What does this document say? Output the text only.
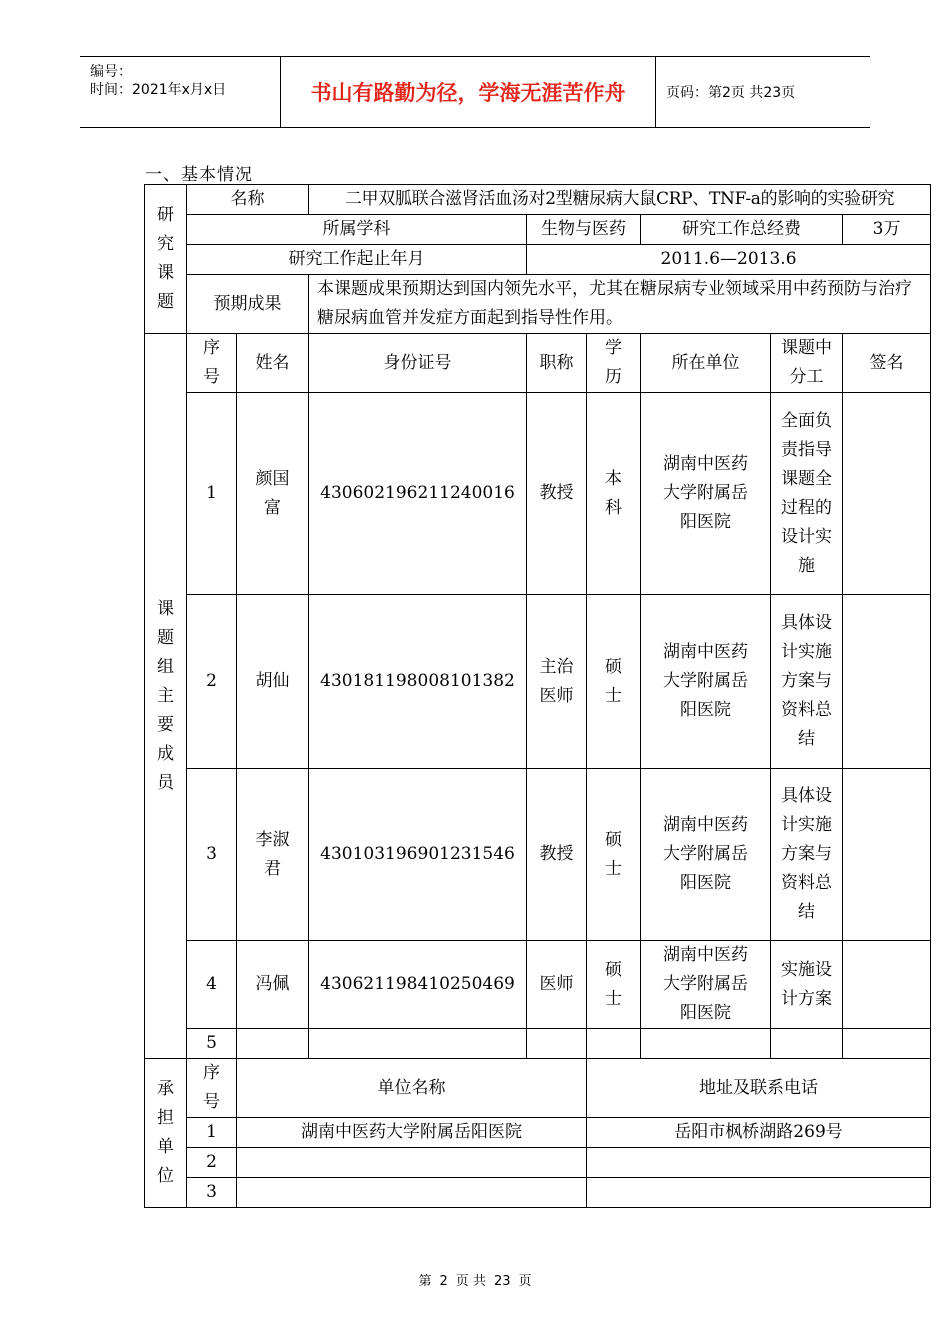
编号：
时间：2021年x月x日	书山有路勤为径，学海无涯苦作舟	页码：第2页 共23页
一、基本情况
研究课题	名称		二甲双胍联合滋肾活血汤对2型糖尿病大鼠CRP、TNF-a的影响的实验研究					
	所属学科			生物与医药		研究工作总经费		3万
	研究工作起止年月			2011.6—2013.6				
	预期成果		本课题成果预期达到国内领先水平，尤其在糖尿病专业领域采用中药预防与治疗糖尿病血管并发症方面起到指导性作用。					

课题组主要成员	序号	姓名	身份证号	职称	学历	所在单位	课题中分工	签名
	1	颜国富	430602196211240016	教授	本科	湖南中医药大学附属岳阳医院	全面负责指导课题全过程的设计实施	

	2	胡仙	430181198008101382	主治医师	硕士	湖南中医药大学附属岳阳医院	具体设计实施方案与资料总结	

	3	李淑君	430103196901231546	教授	硕士	湖南中医药大学附属岳阳医院	具体设计实施方案与资料总结	

	4	冯佩	430621198410250469	医师	硕士	湖南中医药大学附属岳阳医院	实施设计方案	

	5							

承担单位	序号	单位名称			地址及联系电话			
	1	湖南中医药大学附属岳阳医院			岳阳市枫桥湖路269号			
	2							
	3							
第 2 页 共 23 页
